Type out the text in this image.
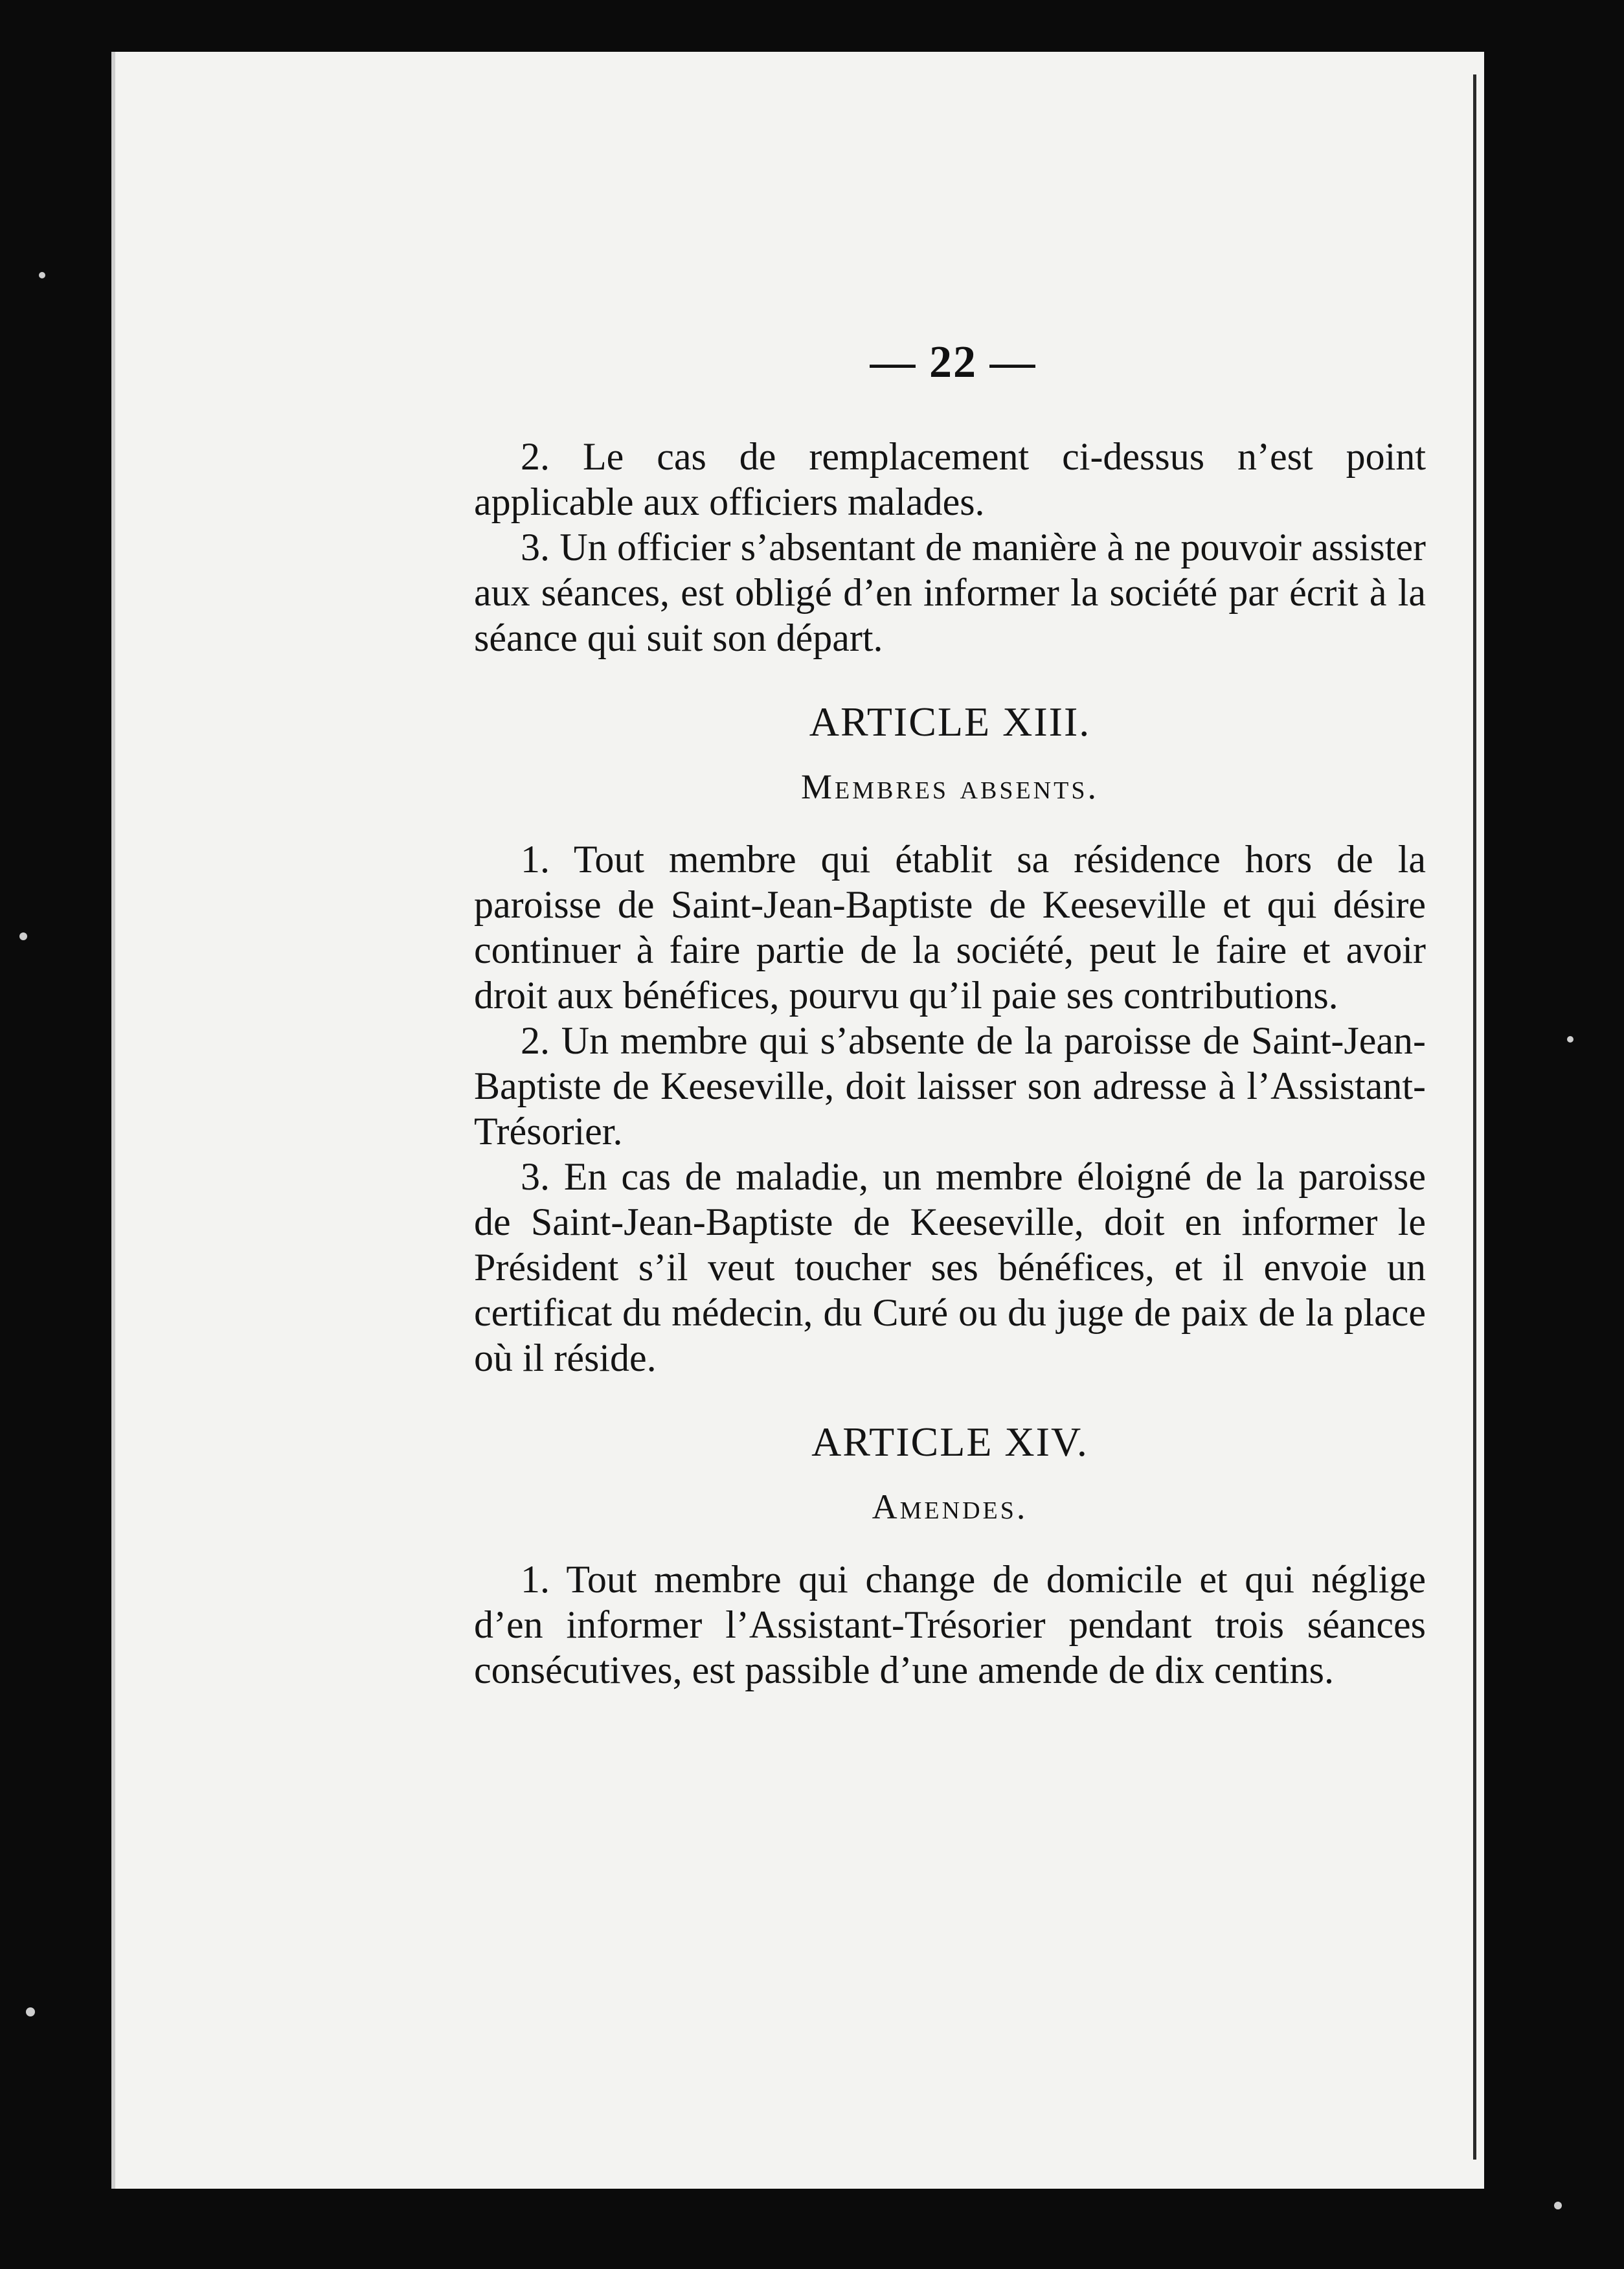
— 22 —

2. Le cas de remplacement ci-dessus n’est point applicable aux officiers malades.

3. Un officier s’absentant de manière à ne pouvoir assister aux séances, est obligé d’en informer la société par écrit à la séance qui suit son départ.

ARTICLE XIII.
Membres absents.

1. Tout membre qui établit sa résidence hors de la paroisse de Saint-Jean-Baptiste de Keeseville et qui désire continuer à faire partie de la société, peut le faire et avoir droit aux bénéfices, pourvu qu’il paie ses contributions.

2. Un membre qui s’absente de la paroisse de Saint-Jean-Baptiste de Keeseville, doit laisser son adresse à l’Assistant-Trésorier.

3. En cas de maladie, un membre éloigné de la paroisse de Saint-Jean-Baptiste de Keeseville, doit en informer le Président s’il veut toucher ses bénéfices, et il envoie un certificat du médecin, du Curé ou du juge de paix de la place où il réside.

ARTICLE XIV.
Amendes.

1. Tout membre qui change de domicile et qui néglige d’en informer l’Assistant-Trésorier pendant trois séances consécutives, est passible d’une amende de dix centins.
